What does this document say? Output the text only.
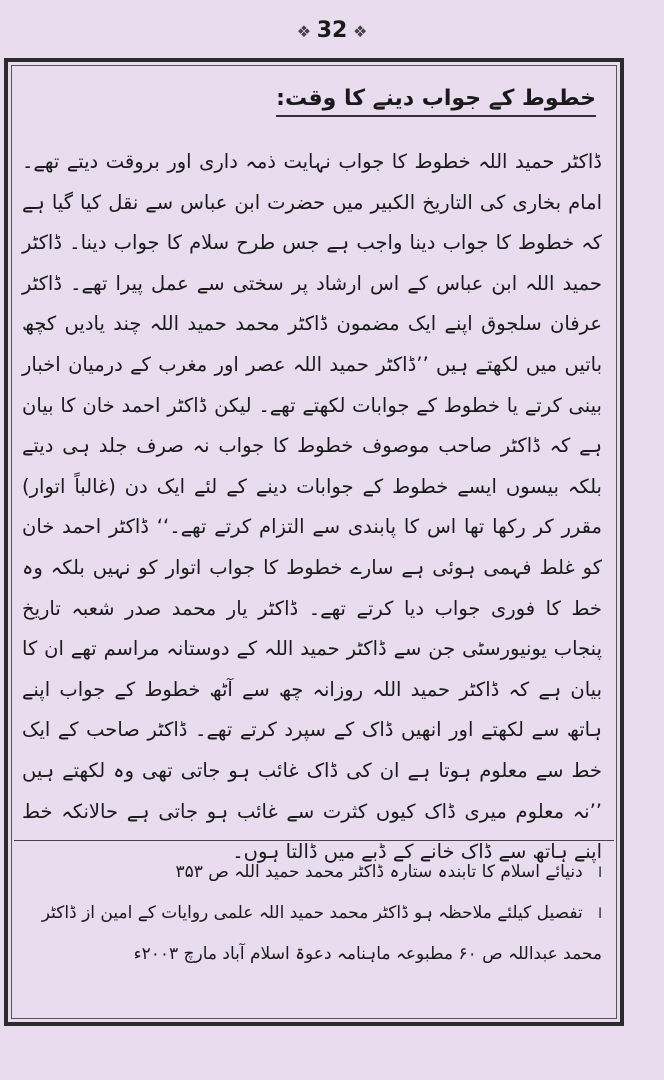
❖ 32 ❖
خطوط کے جواب دینے کا وقت:

ڈاکٹر حمید اللہ خطوط کا جواب نہایت ذمہ داری اور بروقت دیتے تھے۔ امام بخاری کی التاریخ الکبیر میں حضرت ابن عباس سے نقل کیا گیا ہے کہ خطوط کا جواب دینا واجب ہے جس طرح سلام کا جواب دینا۔ ڈاکٹر حمید اللہ ابن عباس کے اس ارشاد پر سختی سے عمل پیرا تھے۔ ڈاکٹر عرفان سلجوق اپنے ایک مضمون ڈاکٹر محمد حمید اللہ چند یادیں کچھ باتیں میں لکھتے ہیں ’’ڈاکٹر حمید اللہ عصر اور مغرب کے درمیان اخبار بینی کرتے یا خطوط کے جوابات لکھتے تھے۔ لیکن ڈاکٹر احمد خان کا بیان ہے کہ ڈاکٹر صاحب موصوف خطوط کا جواب نہ صرف جلد ہی دیتے بلکہ بیسوں ایسے خطوط کے جوابات دینے کے لئے ایک دن (غالباً اتوار) مقرر کر رکھا تھا اس کا پابندی سے التزام کرتے تھے۔‘‘ ڈاکٹر احمد خان کو غلط فہمی ہوئی ہے سارے خطوط کا جواب اتوار کو نہیں بلکہ وہ خط کا فوری جواب دیا کرتے تھے۔ ڈاکٹر یار محمد صدر شعبہ تاریخ پنجاب یونیورسٹی جن سے ڈاکٹر حمید اللہ کے دوستانہ مراسم تھے ان کا بیان ہے کہ ڈاکٹر حمید اللہ روزانہ چھ سے آٹھ خطوط کے جواب اپنے ہاتھ سے لکھتے اور انھیں ڈاک کے سپرد کرتے تھے۔ ڈاکٹر صاحب کے ایک خط سے معلوم ہوتا ہے ان کی ڈاک غائب ہو جاتی تھی وہ لکھتے ہیں ’’نہ معلوم میری ڈاک کیوں کثرت سے غائب ہو جاتی ہے حالانکہ خط اپنے ہاتھ سے ڈاک خانے کے ڈبے میں ڈالتا ہوں۔

ا دنیائے اسلام کا تابندہ ستارہ ڈاکٹر محمد حمید اللہ ص ۳۵۳

ا تفصیل کیلئے ملاحظہ ہو ڈاکٹر محمد حمید اللہ علمی روایات کے امین از ڈاکٹر محمد عبداللہ ص ۶۰ مطبوعہ ماہنامہ دعوۃ اسلام آباد مارچ ۲۰۰۳ء
